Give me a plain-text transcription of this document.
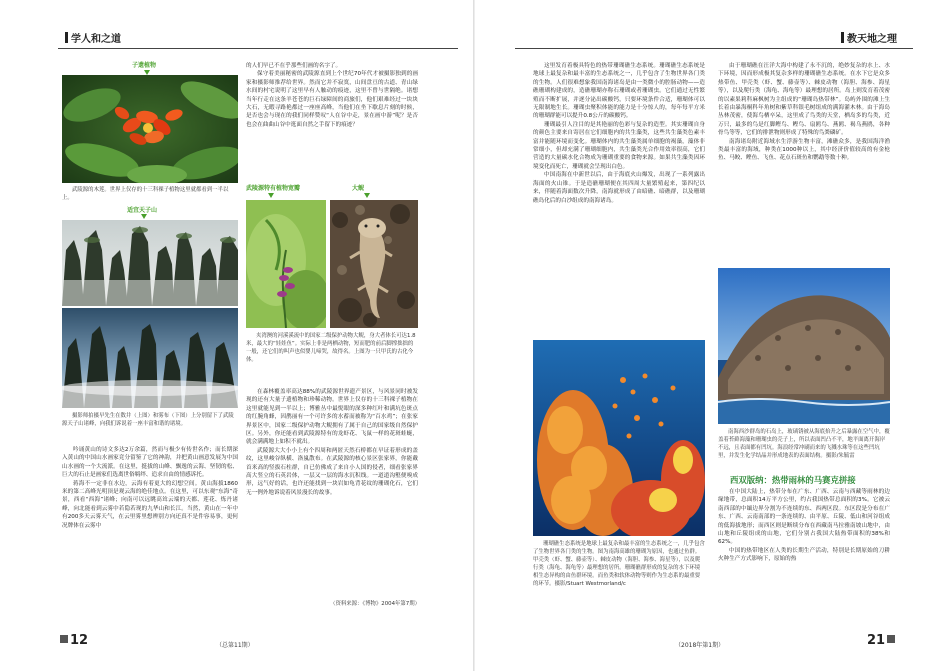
学人和之道
子遗植物

武陵源的木莲。世界上仅存的十三科裸子植物这里就都看到一半以上。

适宜天子山

摄影师拍摄早先生在数井（上图）和雾布（下图）上分别留下了武陵源天子山诸峰，向我们诉说着一座丰富和谐的诸境。

吟诵黄山的诗文多达2万余篇，然而与极少有传世名作；而长期深入黄山的中国山水画家竞分留鉴了它的神韵，并把黄山画意发展为中国山水画的一个大流派。在这里，挺拔的山峰、飘逸的云海、坚韧的松、巨大的石止是画家们选离世俗羁绊、追求自由的情感诉托。

蒋海不一定非在水边，云海有着更大的幻想空间。黄山海拔1860米的第二高峰光明顶是观云海的绝佳地点。在这里，可以东观“东海”奇景，西看“西海”诸峰；向南可以远眺高耸云端的天都、莲花、炼丹诸峰，向北能看到云雾中若隐若现的九华山和长江。当然，黄山在一年中有200多天云雾天气，在云里雾里想辨别方向还真不是件容易事，更何况牌体在云雾中

的人们早已不在乎那些们画的名字了。

保守着美丽秘密的武陵源直到上个世纪70年代才被摄影独到的画家和摄影师推荐给世界。然而它并不寂寞，山间盘亘的古道、青山绿水间的村宅说明了这里早有人触动的痕迹，这里不曾与世隔绝。诸想当年行走在这条羊苍苍的巨石绿障间的商旅们，他们艰难经过一块块大石，无暇寻路艳都过一座座高峰，当他们在坐下歇息片刻的时候，是否也会与现在的我们同样赞叹“人在谷中走，景在画中游”呢？是否也会在曲曲山谷中逛面自然之手留下的痕迹？

武陵源特有植物宽瓣	大鲵

夹湾澳的河溪溪流中的国家二级保护动物大鲵，身大者体长可达1.8米，最大的“娃娃鱼”。实际上非是两栖动物，短而肥的前后脚撑拙拙的一般，还它们的叫声也似婴儿啼哭，故得名。上图为一只甲氏的古化今体。

在森林覆盖率高达88%的武陵源世界遗产景区，与风景同时被发现的还有大量子遗植物和珍稀动物。世界上仅存的十三科裸子植物在这里就能见到一半以上；博雅丛中最悦眼的深多种红叶和满坑色斑点的红腕角蜂，因鹊丽有一个可许多的水蓄而被称为“百水鸡”；在张家界景区中，国家二级保护动物大鲵拥有了属于自己的国家级自然保护区。另外，你还能看到武陵源特有的龙虾花、飞鼠一样的花斑蛙蜒，就会满满地上如积不就出。

武陵源大大小小上有个四周和两匿天然石桥都在早证着形成的盖纹，这里峻谷纵横、洛嵐散布。在武陵源的核心景区张家界，你能戴首米高的竖拔石柱群，自已仿佛成了来自小人国的侵者，细看张家界高大竖立的石英岩体，一层又一层的海水沉积线。一道道沟壑便嗅成形，远气好的话，也许还能找到一块岩如龟背花纹的珊瑚化石，它们无一例外地诉说着风景漫长的故事。

（资料来源：《博物》2004年第7期）
12	（总第11期）
教天地之理

这里发育着极具特色的热带珊瑚礁生态系统。珊瑚礁生态系统是地球上最复杂和最丰富的生态系统之一，几乎包含了生物世界各门类的生物。人们很难想象我国南海诸岛是由一类微小的腔肠动物——造礁珊瑚构建成的，造礁珊瑚亦称石珊瑚或者珊瑚虫。它们通过无性繁殖而不断扩展，并逐分泌出碳酸钙，只要环境条件合适，珊瑚体可以无限制地生长。珊瑚虫聚积体能的能力是十分惊人的，每年每平方米的珊瑚群能可以提升0.8公斤的碳酸钙。

珊瑚最引人注目的是其艳丽的色彩与复杂的造型。其实珊瑚自身的颜色主要来自寄居在它们细胞内的共生藻类，这些共生藻类色素丰富并能随环境而变化。珊瑚体内的共生藻类属单细胞的褐藻，藻体非常细小，但却充满了珊瑚细胞内，共生藻类光合作用效率很高，它们营造的大量碳水化合物成为珊瑚重要的食物来源。如果共生藻类因环境变化而死亡，珊瑚就会呈现出白色。

中国南海在中新世以后，由于海底火山爆发，出现了一系列露出海面的火山锥。于是造礁珊瑚便在其四周大量繁殖起来，第四纪以来，伴随着海面数次升降，南海就形成了由暗礁、暗礁群，以及珊瑚礁岛化后的白沙组成的南海诸岛。

珊瑚礁生态系统是地球上最复杂和最丰富的生态系统之一，几乎包含了生物世界各门类的生物。图为南海高雄的珊瑚为原因，也通过鱼群。甲壳类（虾、蟹、藤壶等）、棘皮动物（海胆、海参、海星等），以及爬行类（海龟、海龟等）最理想的居所。珊瑚礁群形成的复杂的水下环境相生态异构的由鱼群环境。而鱼类和软体动物等则作为生态系的最重要的环节。摄影/Stuart Westmorland/c

由于珊瑚礁在汪洋大海中构建了永不沉的，绝妙复杂的水上、水下环境，因而形成极其复杂多样的珊瑚礁生态系统。在水下它是众多热带鱼、甲壳类（虾、蟹、藤壶等）、棘皮动物（海胆、海参、海星等），以及爬行类（海龟、海龟等）最理想的居所。岛上则发育着茂密的以素果莉科麻枫树为主组成的“珊瑚岛热带林”。岛屿外围的滩上生长着由暴海桐科年角树和紫草科银毛树组成的满海灌木林。由于海岛丛林茂密，使海鸟栖卒呆，这里成了鸟类的天堂，栖岛多的鸟类，近万只，最多的鸟是红脚鲣鸟、鲣鸟、扇鸥鸟、燕鸥、褐乌燕鸥，各种骨鸟等等，它们的排泄物则形成了特殊的鸟粪磷矿。

南海诸岛附近海域水生浮游生物丰富，滩礁众多，是我国海洋渔类最丰富的海域，种类在1000种以上，其中经济价值较高的有金枪鱼、马鲛、鲣鱼、飞鱼、花点石斑鱼和鹦鹉等数十种。

南海西沙群岛的石岛上，玻璃锈被从海底抬升之后暴露在空气中，覆盖着苔藓海藻和珊瑚虫的壳子上，所以表面凹凸不平，地平面离开海岸不远，且表面都有凹坑。海浪经常冲刷而来的飞溅水珠等在这些凹坑里，并发生化学结晶并形成地表的表面结构。摄影/朱毓雷

西双版纳：热带雨林的马赛克拼接

在中国大陆上，热带分布在广东、广西、云南与西藏等雨林的边缘地带，总面积14万平方公里，约占我国热带总面积的3%。它被云南西部的中缅边界分割为不连续的东、西两区段。东区段是分布在广东、广西、云南南部的一条连续的、由平原、丘陵、低山和河谷组成的低海拔地形；而西区则是断续分布在西藏南马拉雅南坡山地中，由山地和丘陵组成的山地，它们分别占我国大陆热带面积的38%和62%。

中国的热带地区在人类的长期生产活动，特别是长期原始的刀耕火种生产方式影响下，原始的热

（2018年第1期）	21
